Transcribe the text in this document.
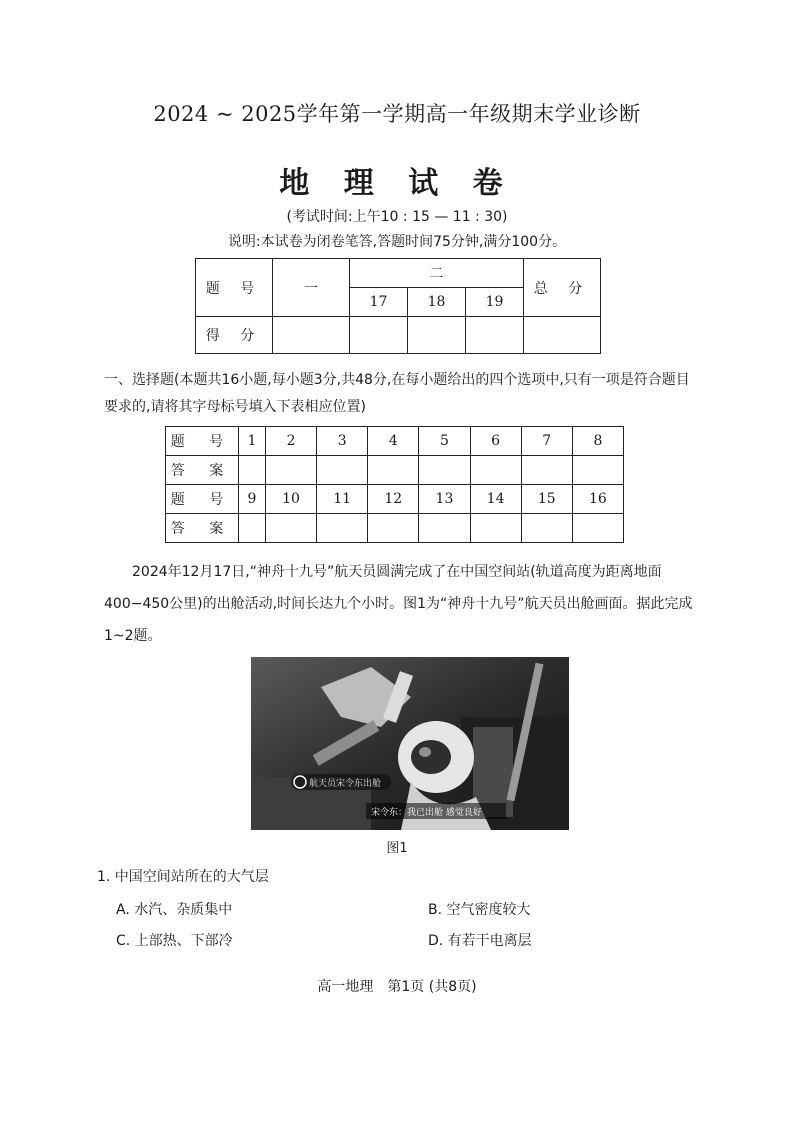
2024 ~ 2025学年第一学期高一年级期末学业诊断
地 理 试 卷
(考试时间:上午10 : 15 — 11 : 30)
说明:本试卷为闭卷笔答,答题时间75分钟,满分100分。
题 号	一	二			总 分
		17	18	19	
得 分					
一、选择题(本题共16小题,每小题3分,共48分,在每小题给出的四个选项中,只有一项是符合题目要求的,请将其字母标号填入下表相应位置)
题 号	1	2	3	4	5	6	7	8
答 案								
题 号	9	10	11	12	13	14	15	16
答 案								
2024年12月17日,“神舟十九号”航天员圆满完成了在中国空间站(轨道高度为距离地面400−450公里)的出舱活动,时间长达九个小时。图1为“神舟十九号”航天员出舱画面。据此完成1~2题。
航天员宋令东出舱
宋令东：我已出舱 感觉良好
图1
1. 中国空间站所在的大气层
A. 水汽、杂质集中	B. 空气密度较大
C. 上部热、下部冷	D. 有若干电离层
高一地理　第1页 (共8页)
